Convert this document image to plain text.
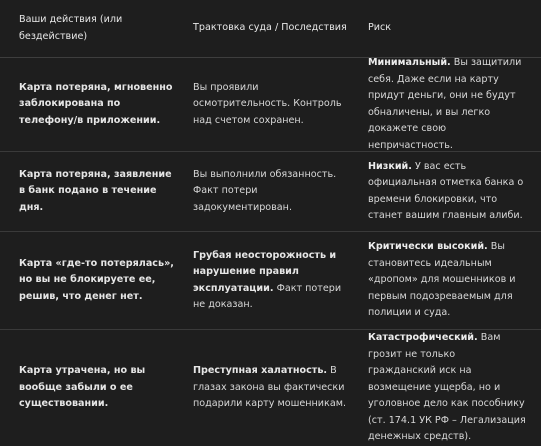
Ваши действия (или бездействие)
Трактовка суда / Последствия	Риск
Карта потеряна, мгновенно заблокирована по телефону/в приложении.
Вы проявили осмотрительность. Контроль над счетом сохранен.
Минимальный. Вы защитили себя. Даже если на карту придут деньги, они не будут обналичены, и вы легко докажете свою непричастность.
Карта потеряна, заявление в банк подано в течение дня.
Вы выполнили обязанность. Факт потери задокументирован.
Низкий. У вас есть официальная отметка банка о времени блокировки, что станет вашим главным алиби.
Карта «где-то потерялась», но вы не блокируете ее, решив, что денег нет.
Грубая неосторожность и нарушение правил эксплуатации. Факт потери не доказан.
Критически высокий. Вы становитесь идеальным «дропом» для мошенников и первым подозреваемым для полиции и суда.
Карта утрачена, но вы вообще забыли о ее существовании.
Преступная халатность. В глазах закона вы фактически подарили карту мошенникам.
Катастрофический. Вам грозит не только гражданский иск на возмещение ущерба, но и уголовное дело как пособнику (ст. 174.1 УК РФ – Легализация денежных средств).
